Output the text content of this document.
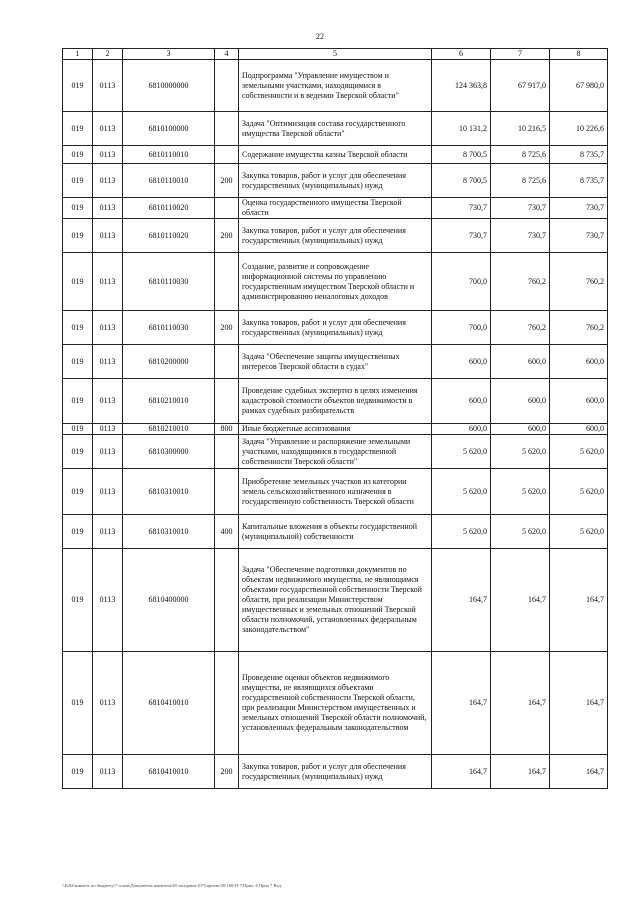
22
1	2	3	4	5	6	7	8
019	0113	6810000000		Подпрограмма "Управление имуществом и земельными участками, находящимися в собственности и в ведении Тверской области"	124 363,8	67 917,0	67 980,0
019	0113	6810100000		Задача "Оптимизация состава государственного имущества Тверской области"	10 131,2	10 216,5	10 226,6
019	0113	6810110010		Содержание имущества казны Тверской области	8 700,5	8 725,6	8 735,7
019	0113	6810110010	200	Закупка товаров, работ и услуг для обеспечения государственных (муниципальных) нужд	8 700,5	8 725,6	8 735,7
019	0113	6810110020		Оценка государственного имущества Тверской области	730,7	730,7	730,7
019	0113	6810110020	200	Закупка товаров, работ и услуг для обеспечения государственных (муниципальных) нужд	730,7	730,7	730,7
019	0113	6810110030		Создание, развитие и сопровождение информационной системы по управлению государственным имуществом Тверской области и администрированию неналоговых доходов	700,0	760,2	760,2
019	0113	6810110030	200	Закупка товаров, работ и услуг для обеспечения государственных (муниципальных) нужд	700,0	760,2	760,2
019	0113	6810200000		Задача "Обеспечение защиты имущественных интересов Тверской области в судах"	600,0	600,0	600,0
019	0113	6810210010		Проведение судебных экспертиз в целях изменения кадастровой стоимости объектов недвижимости в рамках судебных разбирательств	600,0	600,0	600,0
019	0113	6810210010	800	Иные бюджетные ассигнования	600,0	600,0	600,0
019	0113	6810300000		Задача "Управление и распоряжение земельными участками, находящимися в государственной собственности Тверской области"	5 620,0	5 620,0	5 620,0
019	0113	6810310010		Приобретение земельных участков из категории земель сельскохозяйственного назначения в государственную собственность Тверской области	5 620,0	5 620,0	5 620,0
019	0113	6810310010	400	Капитальные вложения в объекты государственной (муниципальной) собственности	5 620,0	5 620,0	5 620,0
019	0113	6810400000		Задача "Обеспечение подготовки документов по объектам недвижимого имущества, не являющимся объектами государственной собственности Тверской области, при реализации Министерством имущественных и земельных отношений Тверской области полномочий, установленных федеральным законодательством"	164,7	164,7	164,7
019	0113	6810410010		Проведение оценки объектов недвижимого имущества, не являющихся объектами государственной собственности Тверской области, при реализации Министерством имущественных и земельных отношений Тверской области полномочий, установленных федеральным законодательством	164,7	164,7	164,7
019	0113	6810410010	200	Закупка товаров, работ и услуг для обеспечения государственных (муниципальных) нужд	164,7	164,7	164,7
\\Fs02\комитет по бюджету\7 созыв\Документы комитета\28 заседание (07)\проект\28 168-П-7\Прил. 6 Прил 7 Вед.
